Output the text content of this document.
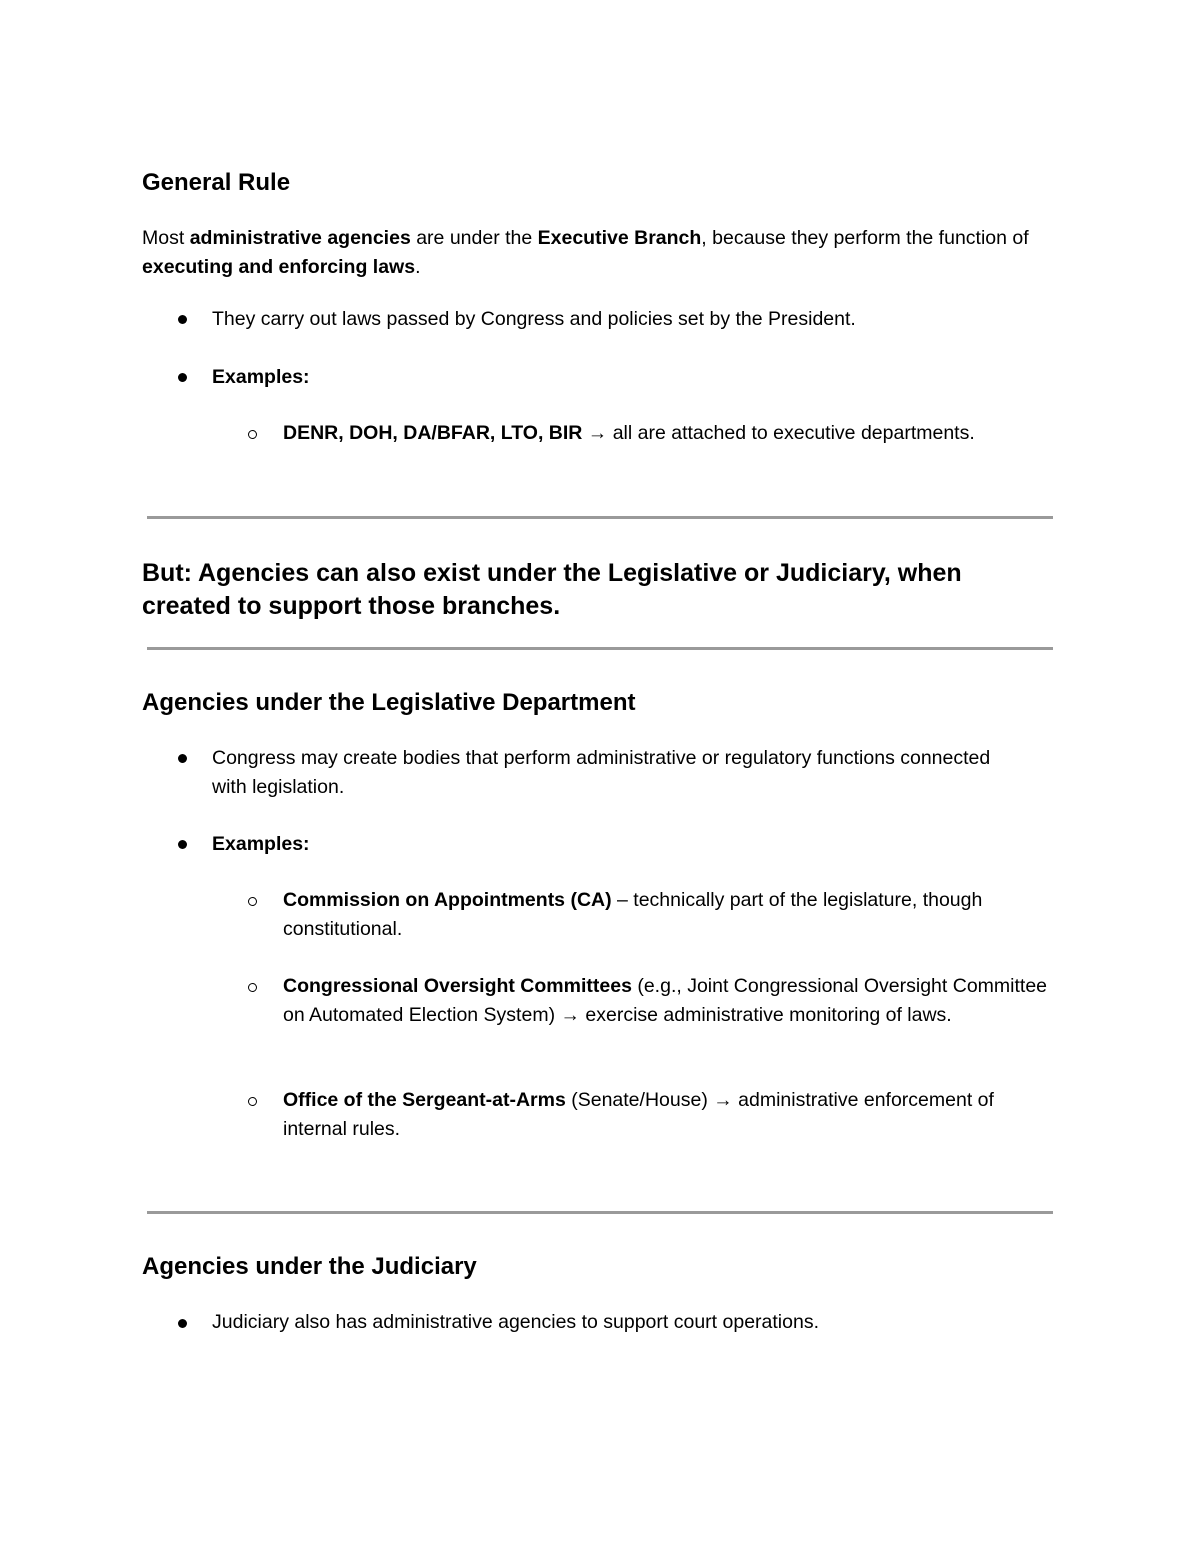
General Rule

Most administrative agencies are under the Executive Branch, because they perform the function of executing and enforcing laws.

They carry out laws passed by Congress and policies set by the President.

Examples:

DENR, DOH, DA/BFAR, LTO, BIR → all are attached to executive departments.

But: Agencies can also exist under the Legislative or Judiciary, when created to support those branches.
Agencies under the Legislative Department

Congress may create bodies that perform administrative or regulatory functions connected with legislation.

Examples:

Commission on Appointments (CA) – technically part of the legislature, though constitutional.

Congressional Oversight Committees (e.g., Joint Congressional Oversight Committee on Automated Election System) → exercise administrative monitoring of laws.

Office of the Sergeant-at-Arms (Senate/House) → administrative enforcement of internal rules.

Agencies under the Judiciary

Judiciary also has administrative agencies to support court operations.
